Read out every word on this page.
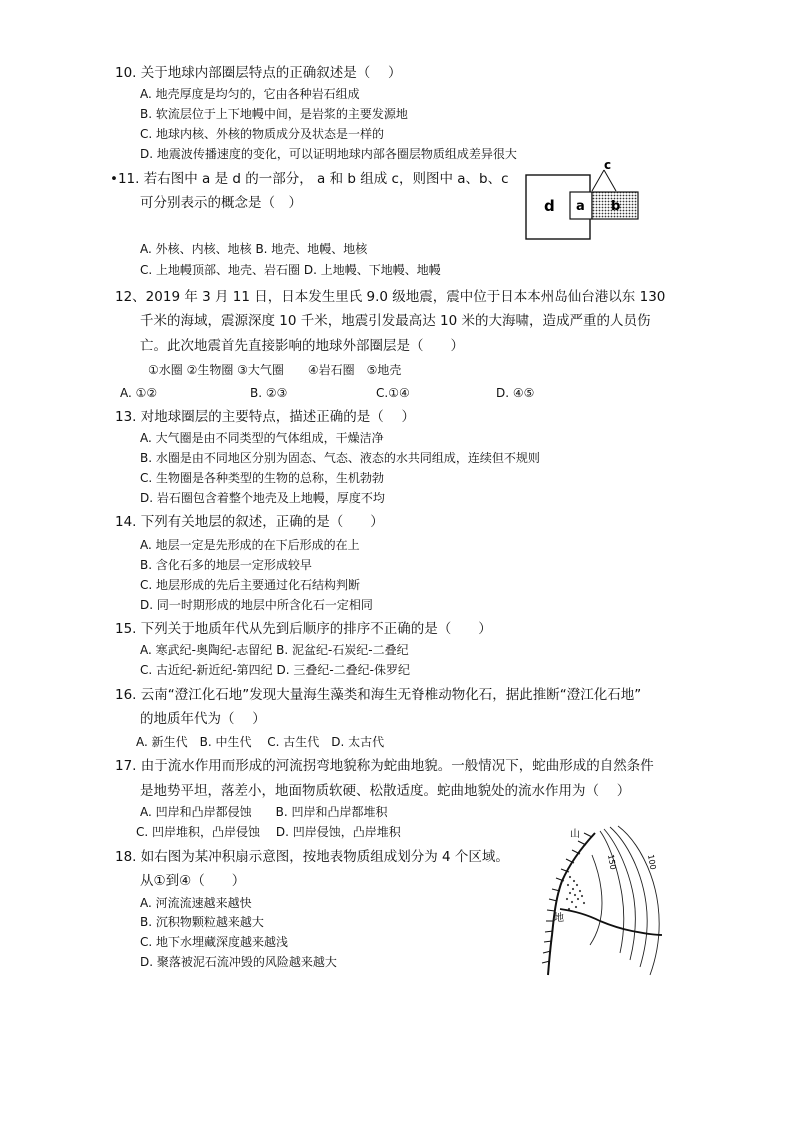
10. 关于地球内部圈层特点的正确叙述是（　 ）
A. 地壳厚度是均匀的，它由各种岩石组成
B. 软流层位于上下地幔中间，是岩浆的主要发源地
C. 地球内核、外核的物质成分及状态是一样的
D. 地震波传播速度的变化，可以证明地球内部各圈层物质组成差异很大
•11. 若右图中 a 是 d 的一部分， a 和 b 组成 c，则图中 a、b、c
可分别表示的概念是（　）	d a b
c
A. 外核、内核、地核 B. 地壳、地幔、地核
C. 上地幔顶部、地壳、岩石圈 D. 上地幔、下地幔、地幔
12、2019 年 3 月 11 日，日本发生里氏 9.0 级地震，震中位于日本本州岛仙台港以东 130
千米的海域，震源深度 10 千米，地震引发最高达 10 米的大海啸，造成严重的人员伤
亡。此次地震首先直接影响的地球外部圈层是（　　）
①水圈 ②生物圈 ③大气圈　　④岩石圈　⑤地壳
A. ①②	B. ②③	C.①④	D. ④⑤
13. 对地球圈层的主要特点，描述正确的是（　 ）
A. 大气圈是由不同类型的气体组成，干燥洁净
B. 水圈是由不同地区分别为固态、气态、液态的水共同组成，连续但不规则
C. 生物圈是各种类型的生物的总称，生机勃勃
D. 岩石圈包含着整个地壳及上地幔，厚度不均
14. 下列有关地层的叙述，正确的是（　　）
A. 地层一定是先形成的在下后形成的在上
B. 含化石多的地层一定形成较早
C. 地层形成的先后主要通过化石结构判断
D. 同一时期形成的地层中所含化石一定相同
15. 下列关于地质年代从先到后顺序的排序不正确的是（　　）
A. 寒武纪-奥陶纪-志留纪 B. 泥盆纪-石炭纪-二叠纪
C. 古近纪-新近纪-第四纪 D. 三叠纪-二叠纪-侏罗纪
16. 云南“澄江化石地”发现大量海生藻类和海生无脊椎动物化石，据此推断“澄江化石地”
的地质年代为（　 ）
A. 新生代　B. 中生代　 C. 古生代　D. 太古代
17. 由于流水作用而形成的河流拐弯地貌称为蛇曲地貌。一般情况下，蛇曲形成的自然条件
是地势平坦，落差小，地面物质软硬、松散适度。蛇曲地貌处的流水作用为（　 ）
A. 凹岸和凸岸都侵蚀　　B. 凹岸和凸岸都堆积
C. 凹岸堆积，凸岸侵蚀　 D. 凹岸侵蚀，凸岸堆积
18. 如右图为某冲积扇示意图，按地表物质组成划分为 4 个区域。
从①到④（　　）
A. 河流流速越来越快
B. 沉积物颗粒越来越大
C. 地下水埋藏深度越来越浅
D. 聚落被泥石流冲毁的风险越来越大
山
地
150	100
